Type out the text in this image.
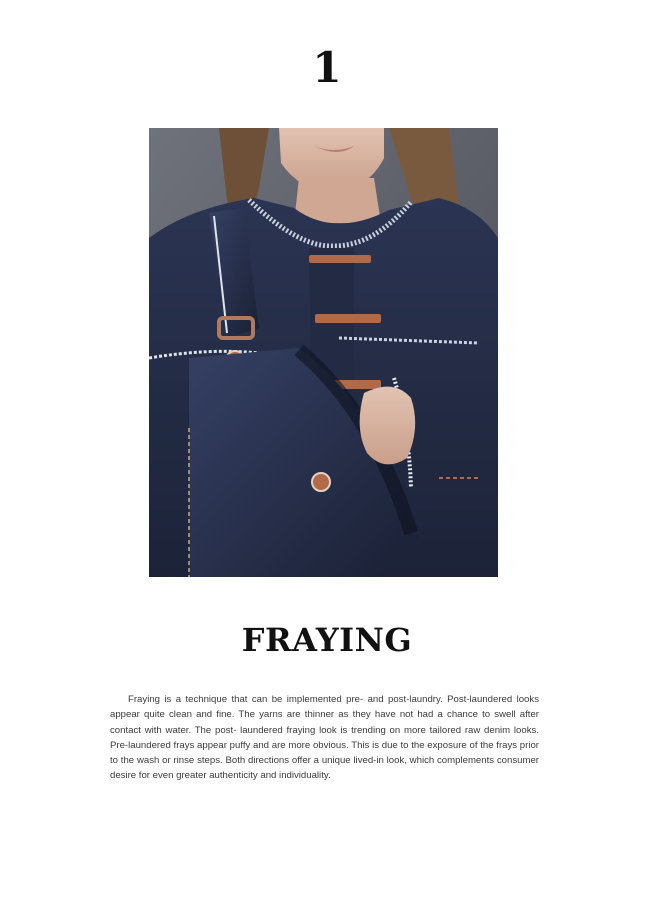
1
FRAYING

Fraying is a technique that can be implemented pre- and post-laundry. Post-laundered looks appear quite clean and fine. The yarns are thinner as they have not had a chance to swell after contact with water. The post- laundered fraying look is trending on more tailored raw denim looks. Pre-laundered frays appear puffy and are more obvious. This is due to the exposure of the frays prior to the wash or rinse steps. Both directions offer a unique lived-in look, which complements consumer desire for even greater authenticity and individuality.
